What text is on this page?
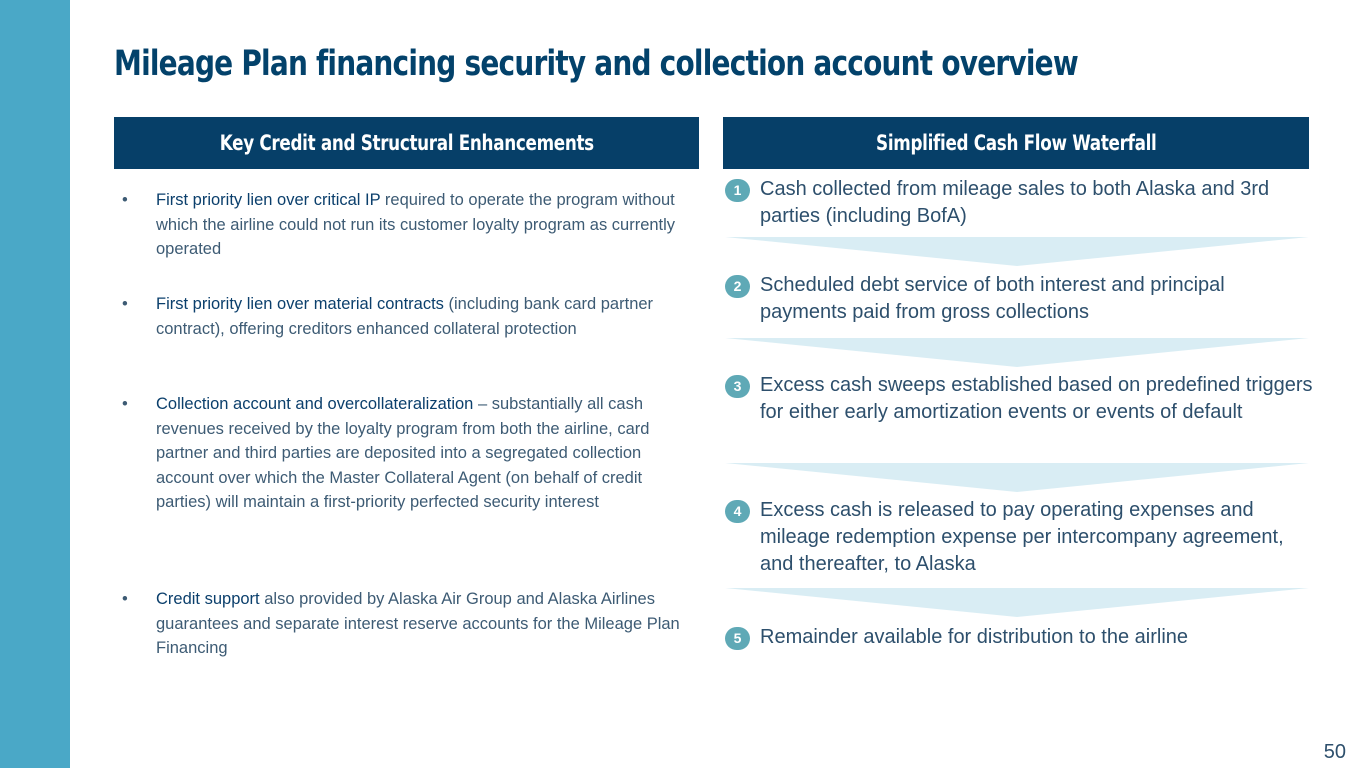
Mileage Plan financing security and collection account overview
Key Credit and Structural Enhancements
• First priority lien over critical IP required to operate the program without which the airline could not run its customer loyalty program as currently operated
• First priority lien over material contracts (including bank card partner contract), offering creditors enhanced collateral protection
• Collection account and overcollateralization – substantially all cash revenues received by the loyalty program from both the airline, card partner and third parties are deposited into a segregated collection account over which the Master Collateral Agent (on behalf of credit parties) will maintain a first-priority perfected security interest
• Credit support also provided by Alaska Air Group and Alaska Airlines guarantees and separate interest reserve accounts for the Mileage Plan Financing
Simplified Cash Flow Waterfall
1 Cash collected from mileage sales to both Alaska and 3rd parties (including BofA)
2 Scheduled debt service of both interest and principal payments paid from gross collections
3 Excess cash sweeps established based on predefined triggers for either early amortization events or events of default
4 Excess cash is released to pay operating expenses and mileage redemption expense per intercompany agreement, and thereafter, to Alaska
5 Remainder available for distribution to the airline
50
